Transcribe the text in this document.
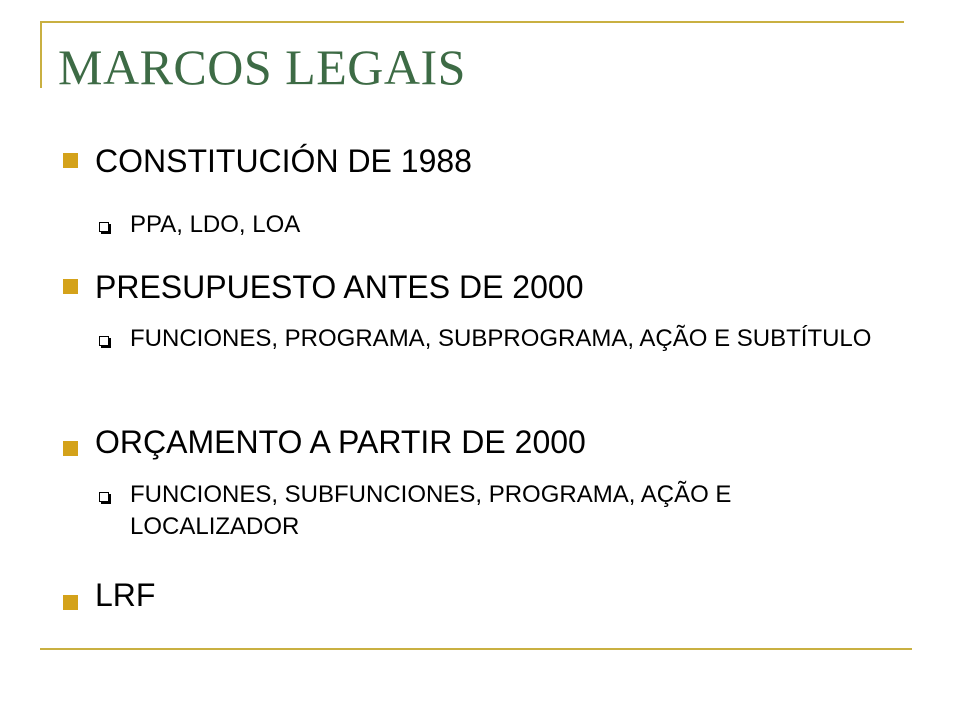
MARCOS LEGAIS
CONSTITUCIÓN DE 1988
PPA, LDO, LOA
PRESUPUESTO ANTES DE 2000
FUNCIONES, PROGRAMA, SUBPROGRAMA, AÇÃO E SUBTÍTULO
ORÇAMENTO A PARTIR DE 2000
FUNCIONES, SUBFUNCIONES, PROGRAMA, AÇÃO E LOCALIZADOR
LRF
